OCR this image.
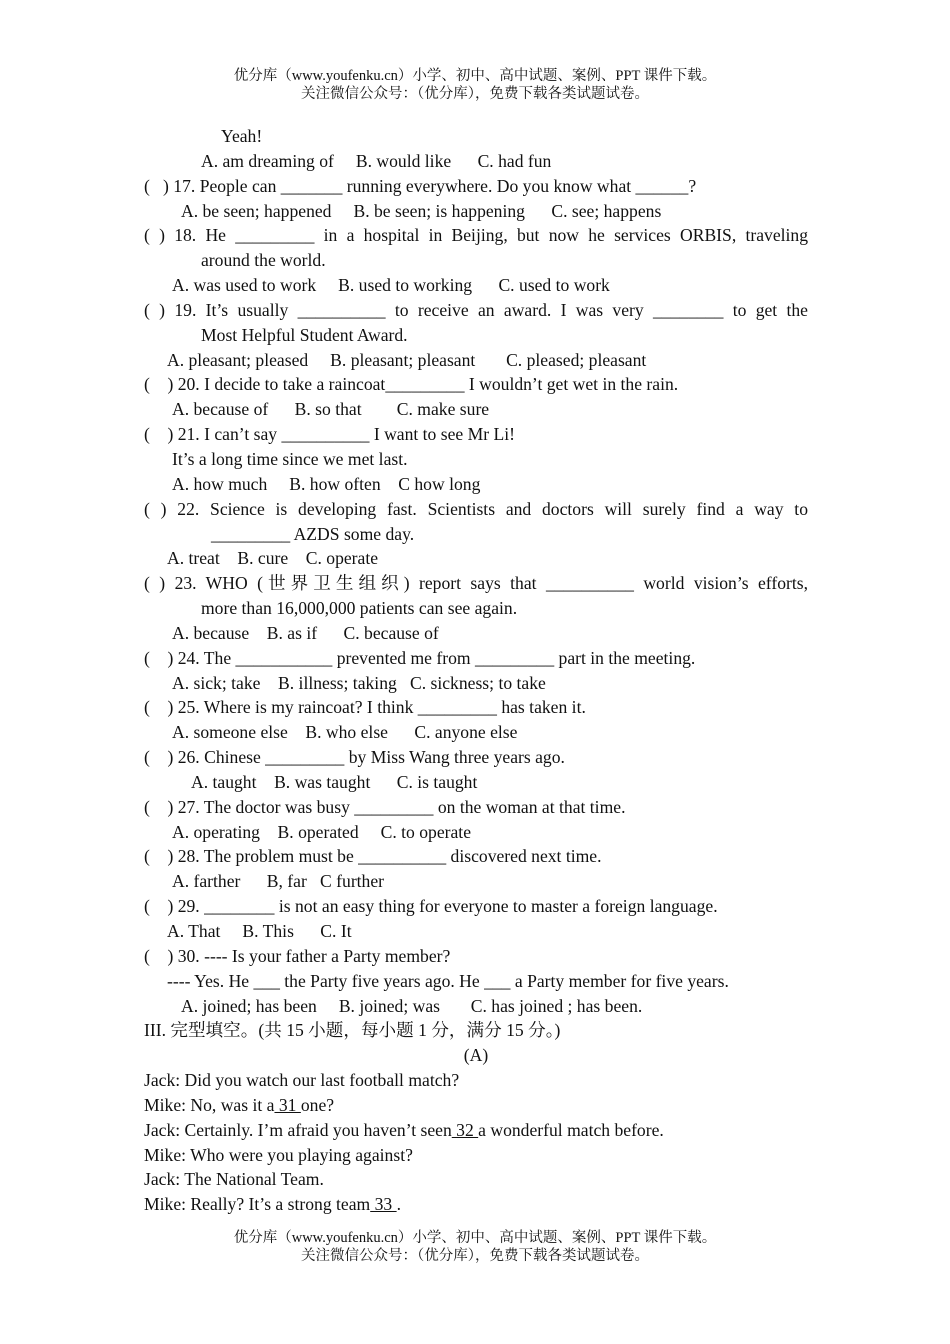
优分库（www.youfenku.cn）小学、初中、高中试题、案例、PPT 课件下载。
关注微信公众号：（优分库），免费下载各类试题试卷。
Yeah!
A. am dreaming of     B. would like      C. had fun
(   ) 17. People can _______ running everywhere. Do you know what ______?
A. be seen; happened     B. be seen; is happening      C. see; happens
( ) 18. He _________ in a hospital in Beijing, but now he services ORBIS, traveling
around the world.
A. was used to work     B. used to working      C. used to work
( ) 19. It’s usually __________ to receive an award. I was very ________ to get the
Most Helpful Student Award.
A. pleasant; pleased     B. pleasant; pleasant       C. pleased; pleasant
(    ) 20. I decide to take a raincoat_________ I wouldn’t get wet in the rain.
A. because of      B. so that        C. make sure
(    ) 21. I can’t say __________ I want to see Mr Li!
It’s a long time since we met last.
A. how much     B. how often    C how long
( ) 22. Science is developing fast. Scientists and doctors will surely find a way to
_________ AZDS some day.
A. treat    B. cure    C. operate
( ) 23. WHO (世界卫生组织) report says that __________ world vision’s efforts,
more than 16,000,000 patients can see again.
A. because    B. as if      C. because of
(    ) 24. The ___________ prevented me from _________ part in the meeting.
A. sick; take    B. illness; taking   C. sickness; to take
(    ) 25. Where is my raincoat? I think _________ has taken it.
A. someone else    B. who else      C. anyone else
(    ) 26. Chinese _________ by Miss Wang three years ago.
A. taught    B. was taught      C. is taught
(    ) 27. The doctor was busy _________ on the woman at that time.
A. operating    B. operated     C. to operate
(    ) 28. The problem must be __________ discovered next time.
A. farther      B, far   C further
(    ) 29. ________ is not an easy thing for everyone to master a foreign language.
A. That     B. This      C. It
(    ) 30. ---- Is your father a Party member?
---- Yes. He ___ the Party five years ago. He ___ a Party member for five years.
A. joined; has been     B. joined; was       C. has joined ; has been.
III. 完型填空。(共 15 小题，每小题 1 分，满分 15 分。)
(A)
Jack: Did you watch our last football match?
Mike: No, was it a 31 one?
Jack: Certainly. I’m afraid you haven’t seen 32 a wonderful match before.
Mike: Who were you playing against?
Jack: The National Team.
Mike: Really? It’s a strong team 33 .
优分库（www.youfenku.cn）小学、初中、高中试题、案例、PPT 课件下载。
关注微信公众号：（优分库），免费下载各类试题试卷。
